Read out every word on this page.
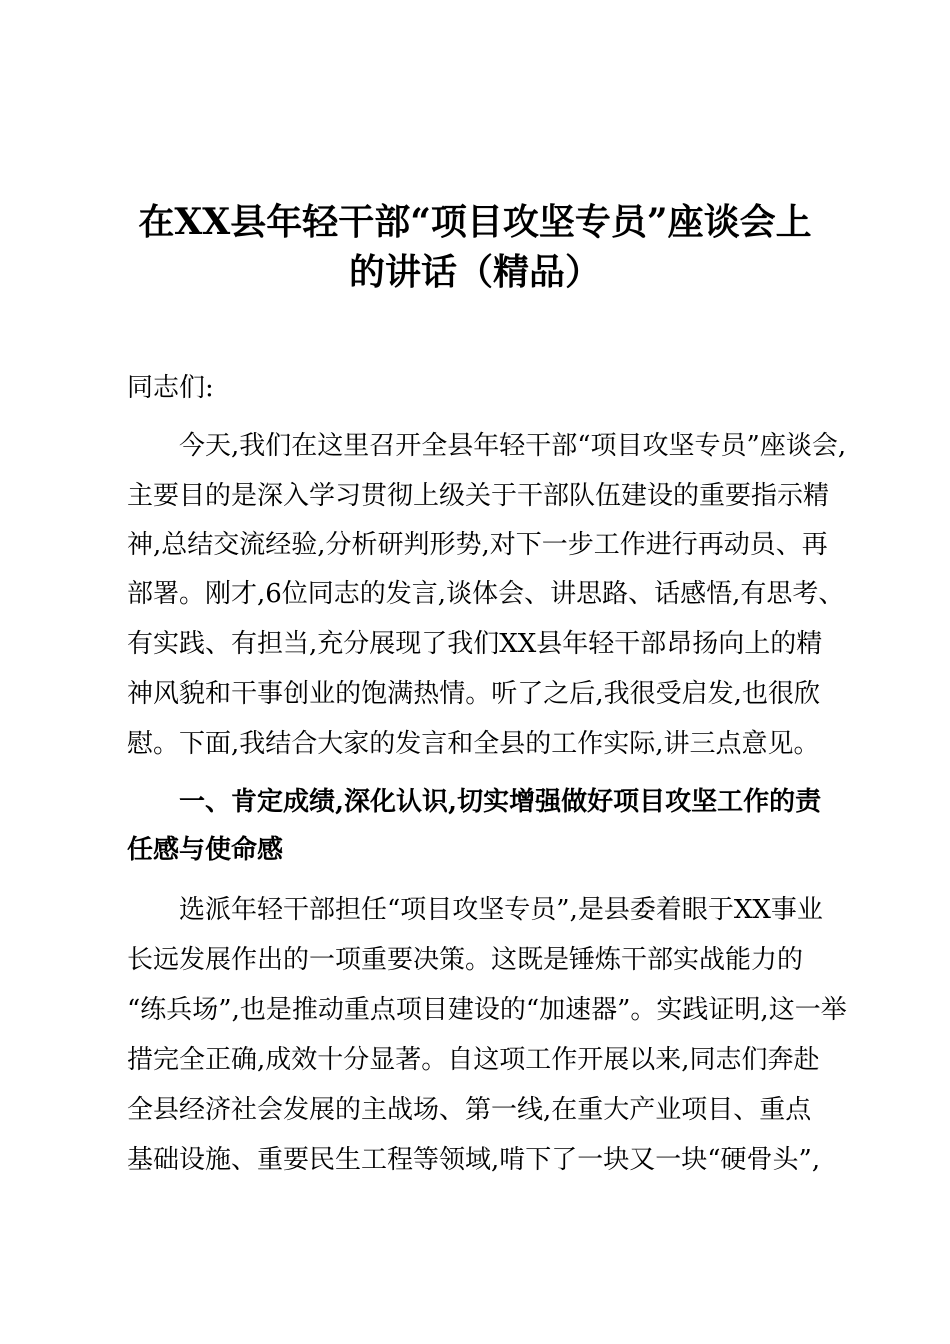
在XX县年轻干部“项目攻坚专员”座谈会上
的讲话（精品）
同志们:
今天,我们在这里召开全县年轻干部“项目攻坚专员”座谈会,
主要目的是深入学习贯彻上级关于干部队伍建设的重要指示精
神,总结交流经验,分析研判形势,对下一步工作进行再动员、再
部署。刚才,6位同志的发言,谈体会、讲思路、话感悟,有思考、
有实践、有担当,充分展现了我们XX县年轻干部昂扬向上的精
神风貌和干事创业的饱满热情。听了之后,我很受启发,也很欣
慰。下面,我结合大家的发言和全县的工作实际,讲三点意见。
一、肯定成绩,深化认识,切实增强做好项目攻坚工作的责
任感与使命感
选派年轻干部担任“项目攻坚专员”,是县委着眼于XX事业
长远发展作出的一项重要决策。这既是锤炼干部实战能力的
“练兵场”,也是推动重点项目建设的“加速器”。实践证明,这一举
措完全正确,成效十分显著。自这项工作开展以来,同志们奔赴
全县经济社会发展的主战场、第一线,在重大产业项目、重点
基础设施、重要民生工程等领域,啃下了一块又一块“硬骨头”,
